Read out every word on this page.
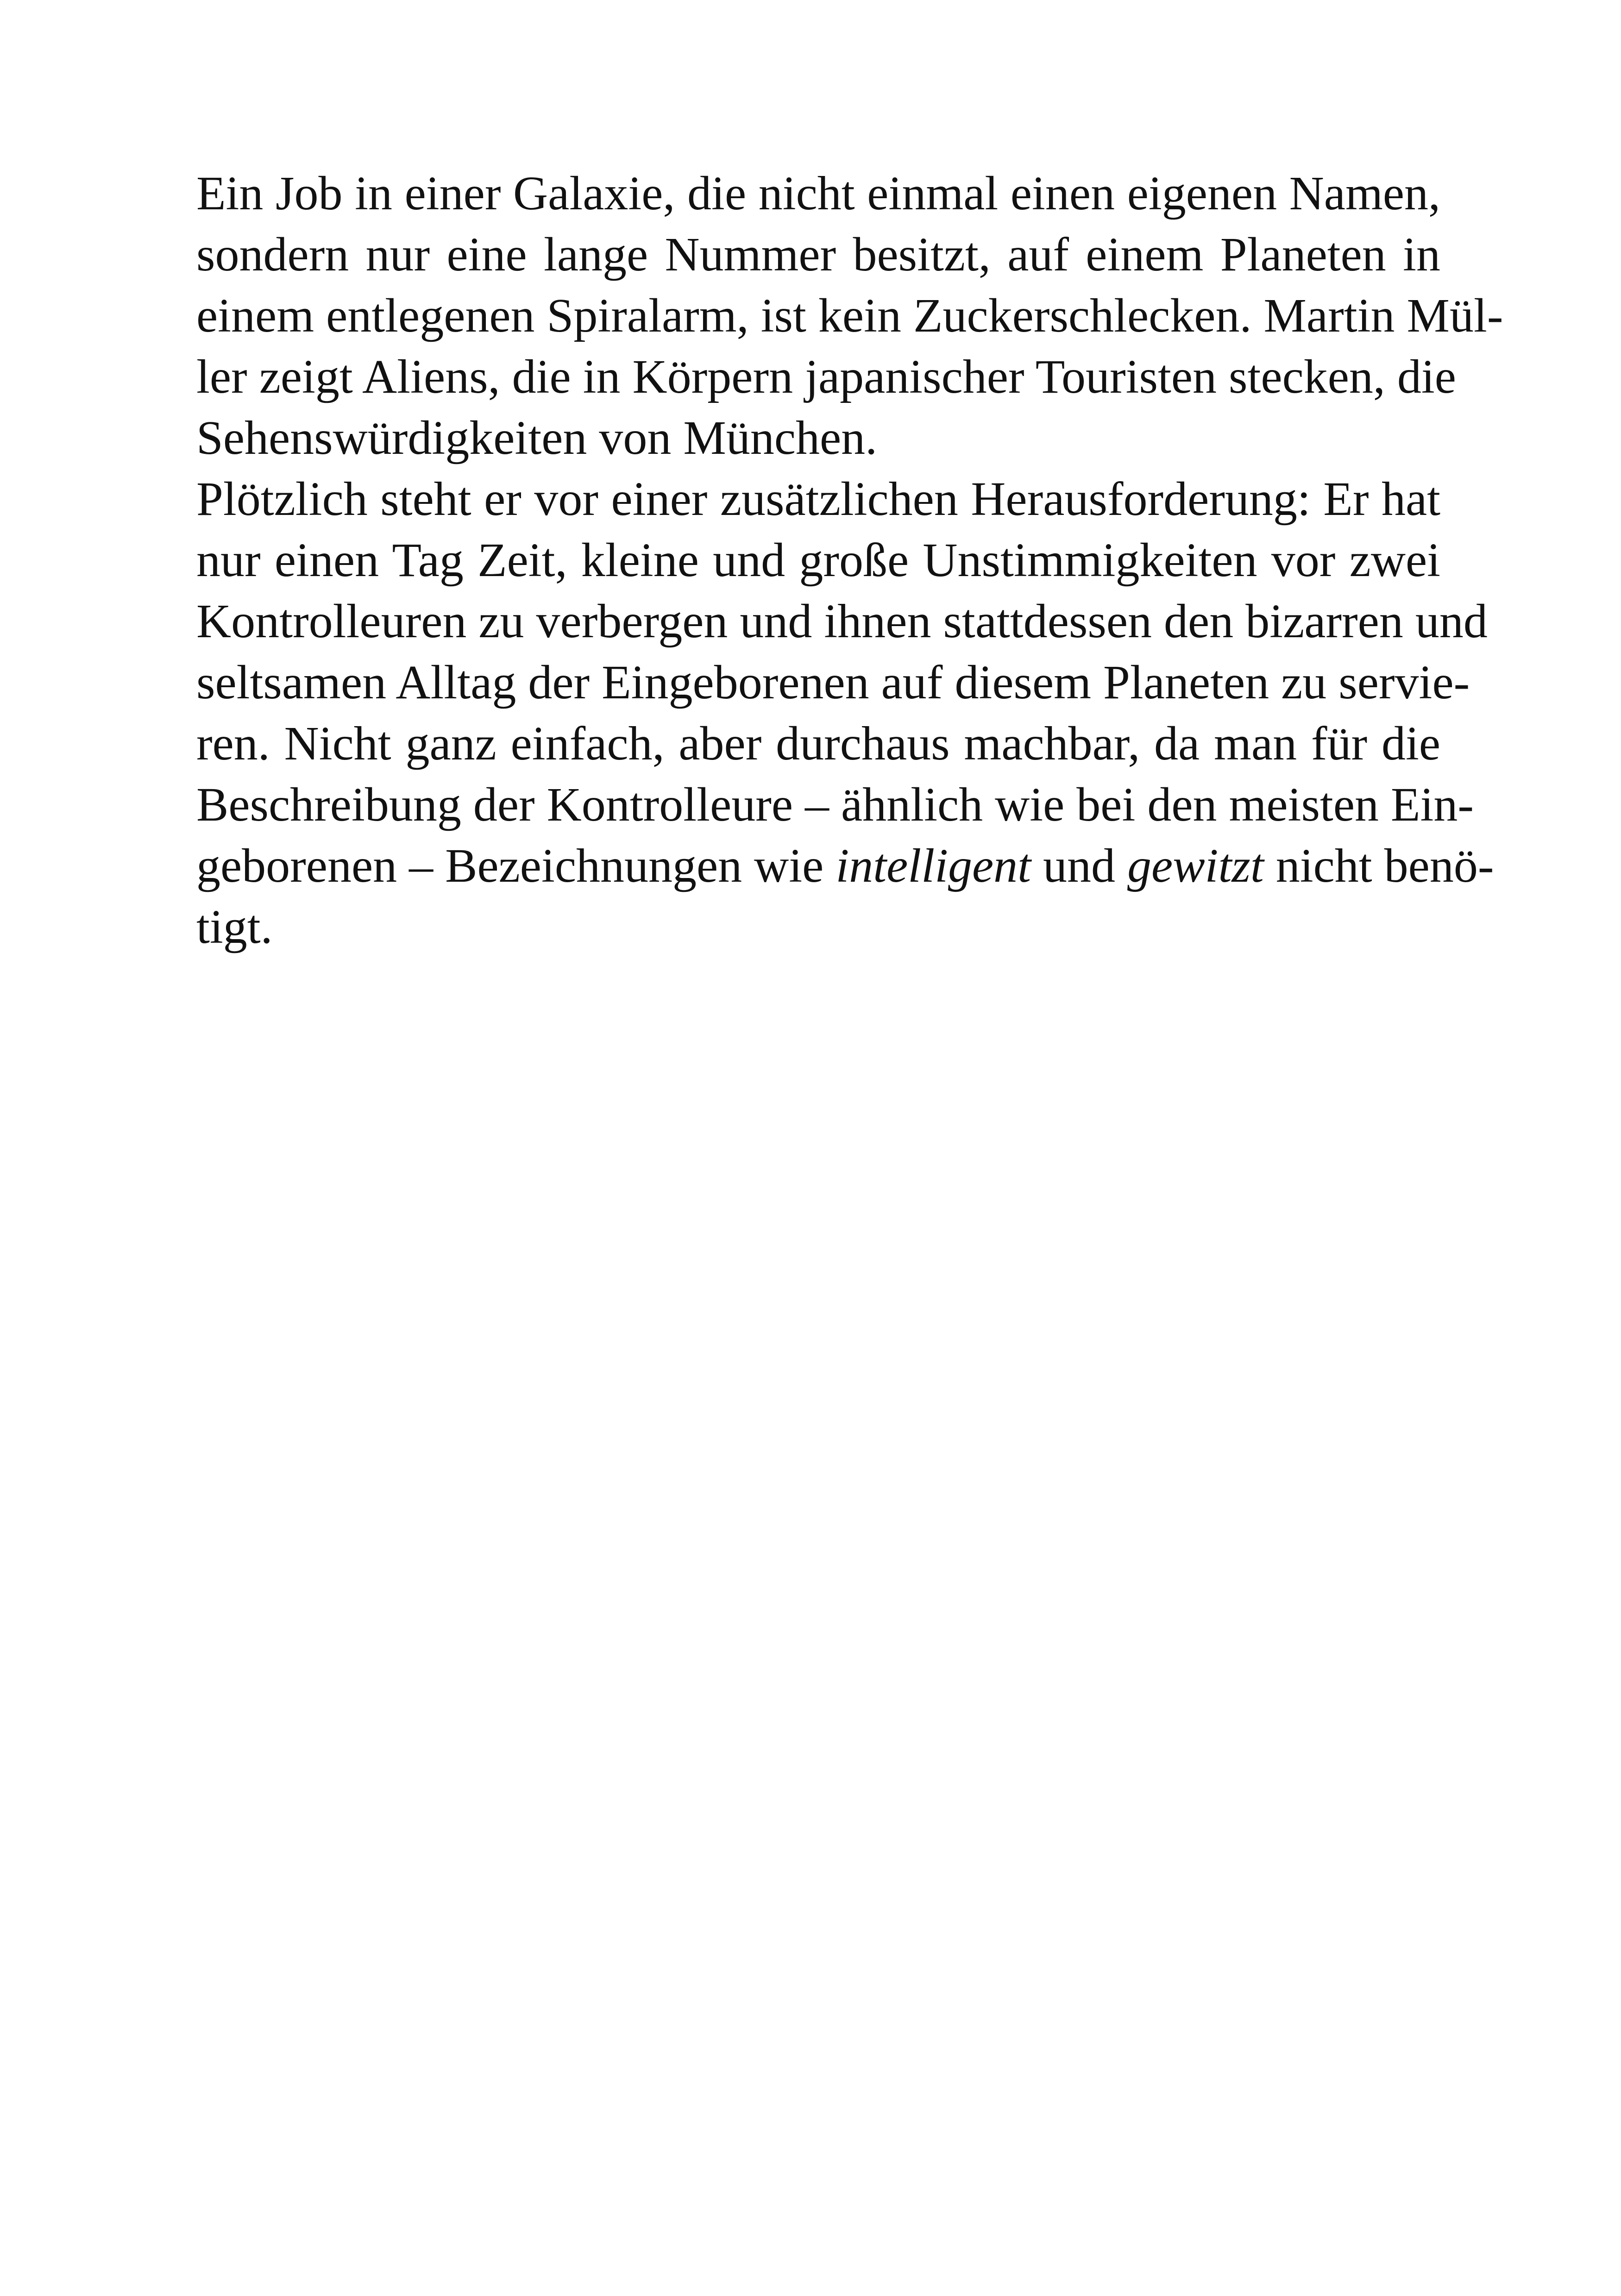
Ein Job in einer Galaxie, die nicht einmal einen eigenen Namen,
sondern nur eine lange Nummer besitzt, auf einem Planeten in
einem entlegenen Spiralarm, ist kein Zuckerschlecken. Martin Mül-
ler zeigt Aliens, die in Körpern japanischer Touristen stecken, die
Sehenswürdigkeiten von München.
Plötzlich steht er vor einer zusätzlichen Herausforderung: Er hat
nur einen Tag Zeit, kleine und große Unstimmigkeiten vor zwei
Kontrolleuren zu verbergen und ihnen stattdessen den bizarren und
seltsamen Alltag der Eingeborenen auf diesem Planeten zu servie-
ren. Nicht ganz einfach, aber durchaus machbar, da man für die
Beschreibung der Kontrolleure – ähnlich wie bei den meisten Ein-
geborenen – Bezeichnungen wie intelligent und gewitzt nicht benö-
tigt.
